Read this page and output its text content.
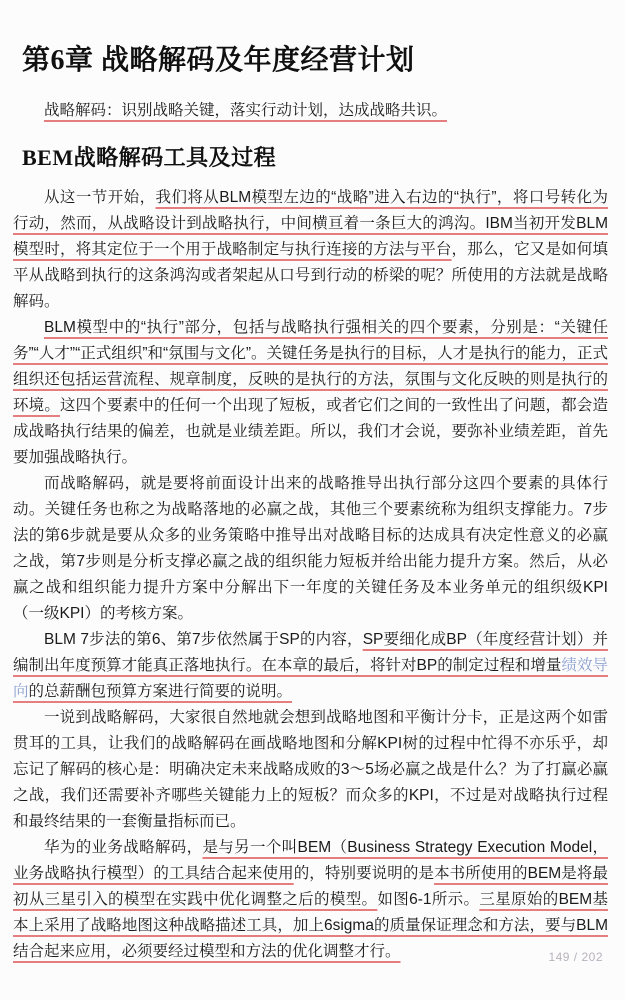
第6章 战略解码及年度经营计划

战略解码：识别战略关键，落实行动计划，达成战略共识。

BEM战略解码工具及过程

从这一节开始，我们将从BLM模型左边的“战略”进入右边的“执行”，将口号转化为行动，然而，从战略设计到战略执行，中间横亘着一条巨大的鸿沟。IBM当初开发BLM模型时，将其定位于一个用于战略制定与执行连接的方法与平台，那么，它又是如何填平从战略到执行的这条鸿沟或者架起从口号到行动的桥梁的呢？所使用的方法就是战略解码。

BLM模型中的“执行”部分，包括与战略执行强相关的四个要素，分别是：“关键任务”“人才”“正式组织”和“氛围与文化”。关键任务是执行的目标，人才是执行的能力，正式组织还包括运营流程、规章制度，反映的是执行的方法，氛围与文化反映的则是执行的环境。这四个要素中的任何一个出现了短板，或者它们之间的一致性出了问题，都会造成战略执行结果的偏差，也就是业绩差距。所以，我们才会说，要弥补业绩差距，首先要加强战略执行。

而战略解码，就是要将前面设计出来的战略推导出执行部分这四个要素的具体行动。关键任务也称之为战略落地的必赢之战，其他三个要素统称为组织支撑能力。7步法的第6步就是要从众多的业务策略中推导出对战略目标的达成具有决定性意义的必赢之战，第7步则是分析支撑必赢之战的组织能力短板并给出能力提升方案。然后，从必赢之战和组织能力提升方案中分解出下一年度的关键任务及本业务单元的组织级KPI（一级KPI）的考核方案。

BLM 7步法的第6、第7步依然属于SP的内容，SP要细化成BP（年度经营计划）并编制出年度预算才能真正落地执行。在本章的最后，将针对BP的制定过程和增量绩效导向的总薪酬包预算方案进行简要的说明。

一说到战略解码，大家很自然地就会想到战略地图和平衡计分卡，正是这两个如雷贯耳的工具，让我们的战略解码在画战略地图和分解KPI树的过程中忙得不亦乐乎，却忘记了解码的核心是：明确决定未来战略成败的3～5场必赢之战是什么？为了打赢必赢之战，我们还需要补齐哪些关键能力上的短板？而众多的KPI，不过是对战略执行过程和最终结果的一套衡量指标而已。

华为的业务战略解码，是与另一个叫BEM（Business Strategy Execution Model，业务战略执行模型）的工具结合起来使用的，特别要说明的是本书所使用的BEM是将最初从三星引入的模型在实践中优化调整之后的模型。如图6-1所示。三星原始的BEM基本上采用了战略地图这种战略描述工具，加上6sigma的质量保证理念和方法，要与BLM结合起来应用，必须要经过模型和方法的优化调整才行。	149 / 202
